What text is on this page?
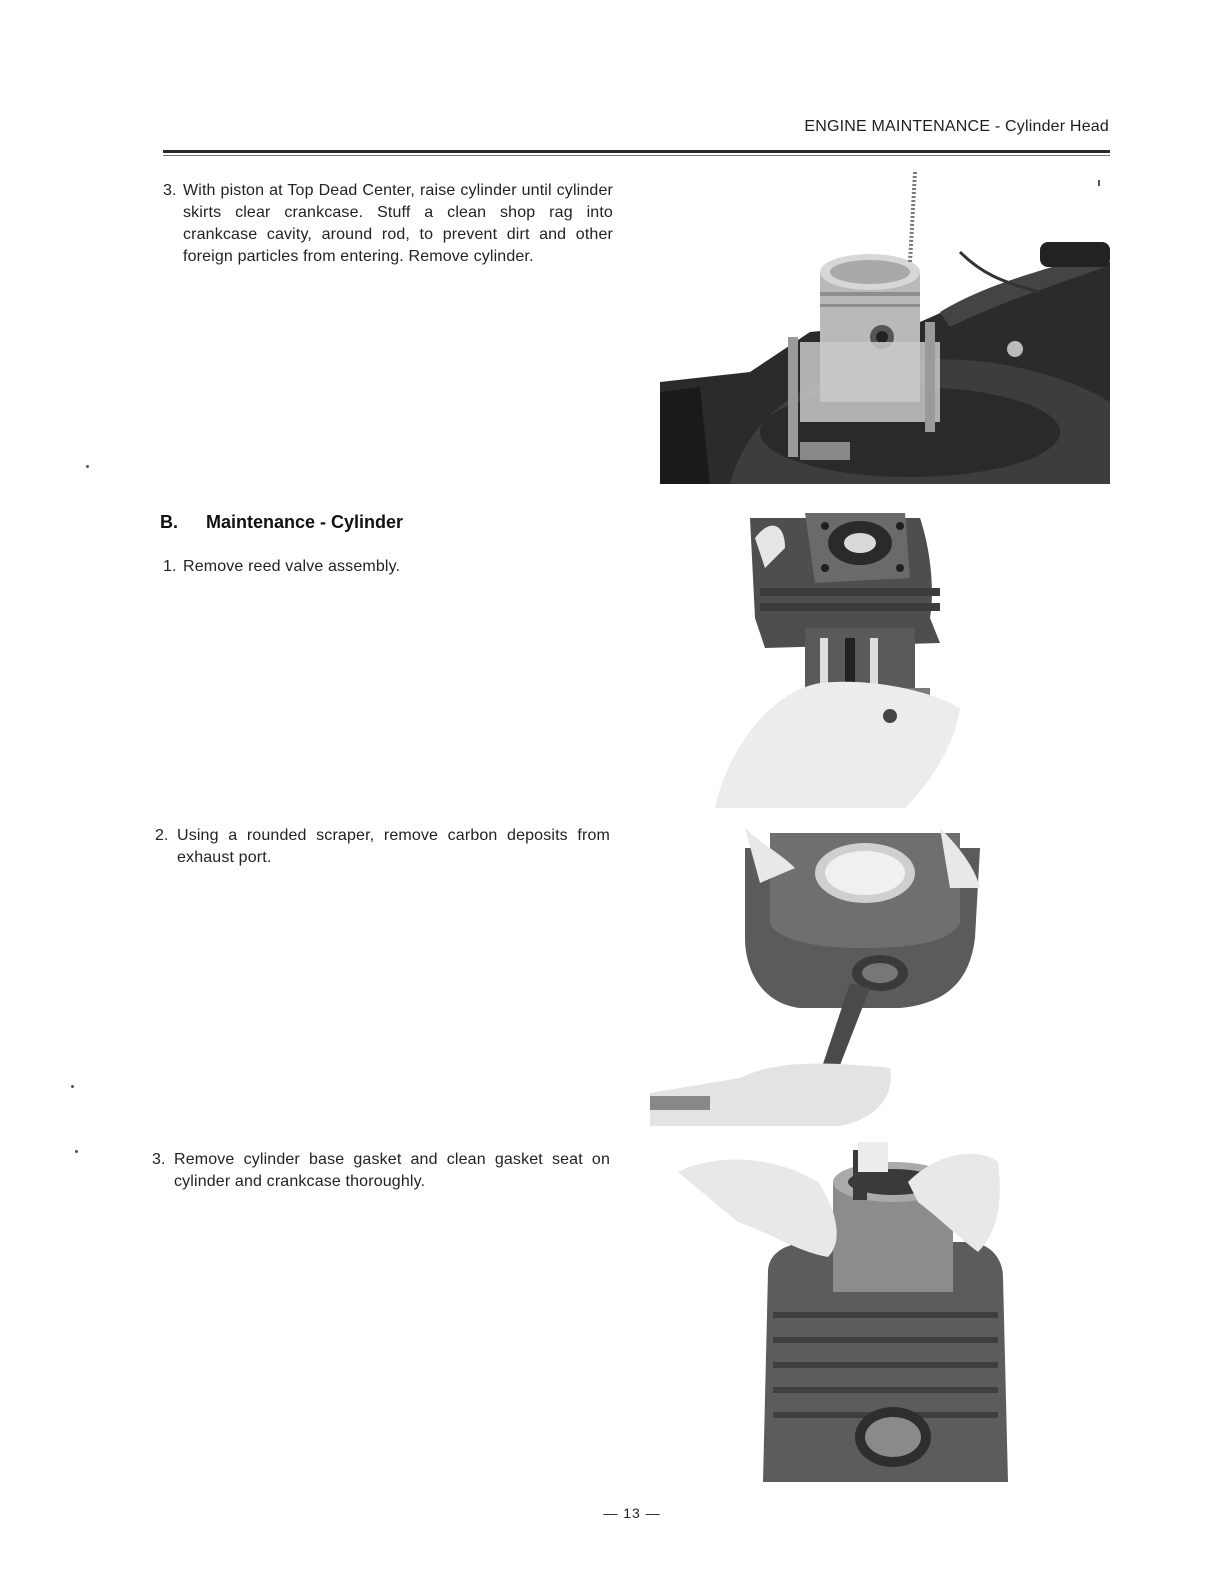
ENGINE MAINTENANCE - Cylinder Head
3. With piston at Top Dead Center, raise cylinder until cylinder skirts clear crankcase. Stuff a clean shop rag into crankcase cavity, around rod, to prevent dirt and other foreign particles from entering. Remove cylinder.
B. Maintenance - Cylinder
1. Remove reed valve assembly.
2. Using a rounded scraper, remove carbon deposits from exhaust port.
3. Remove cylinder base gasket and clean gasket seat on cylinder and crankcase thoroughly.
— 13 —
